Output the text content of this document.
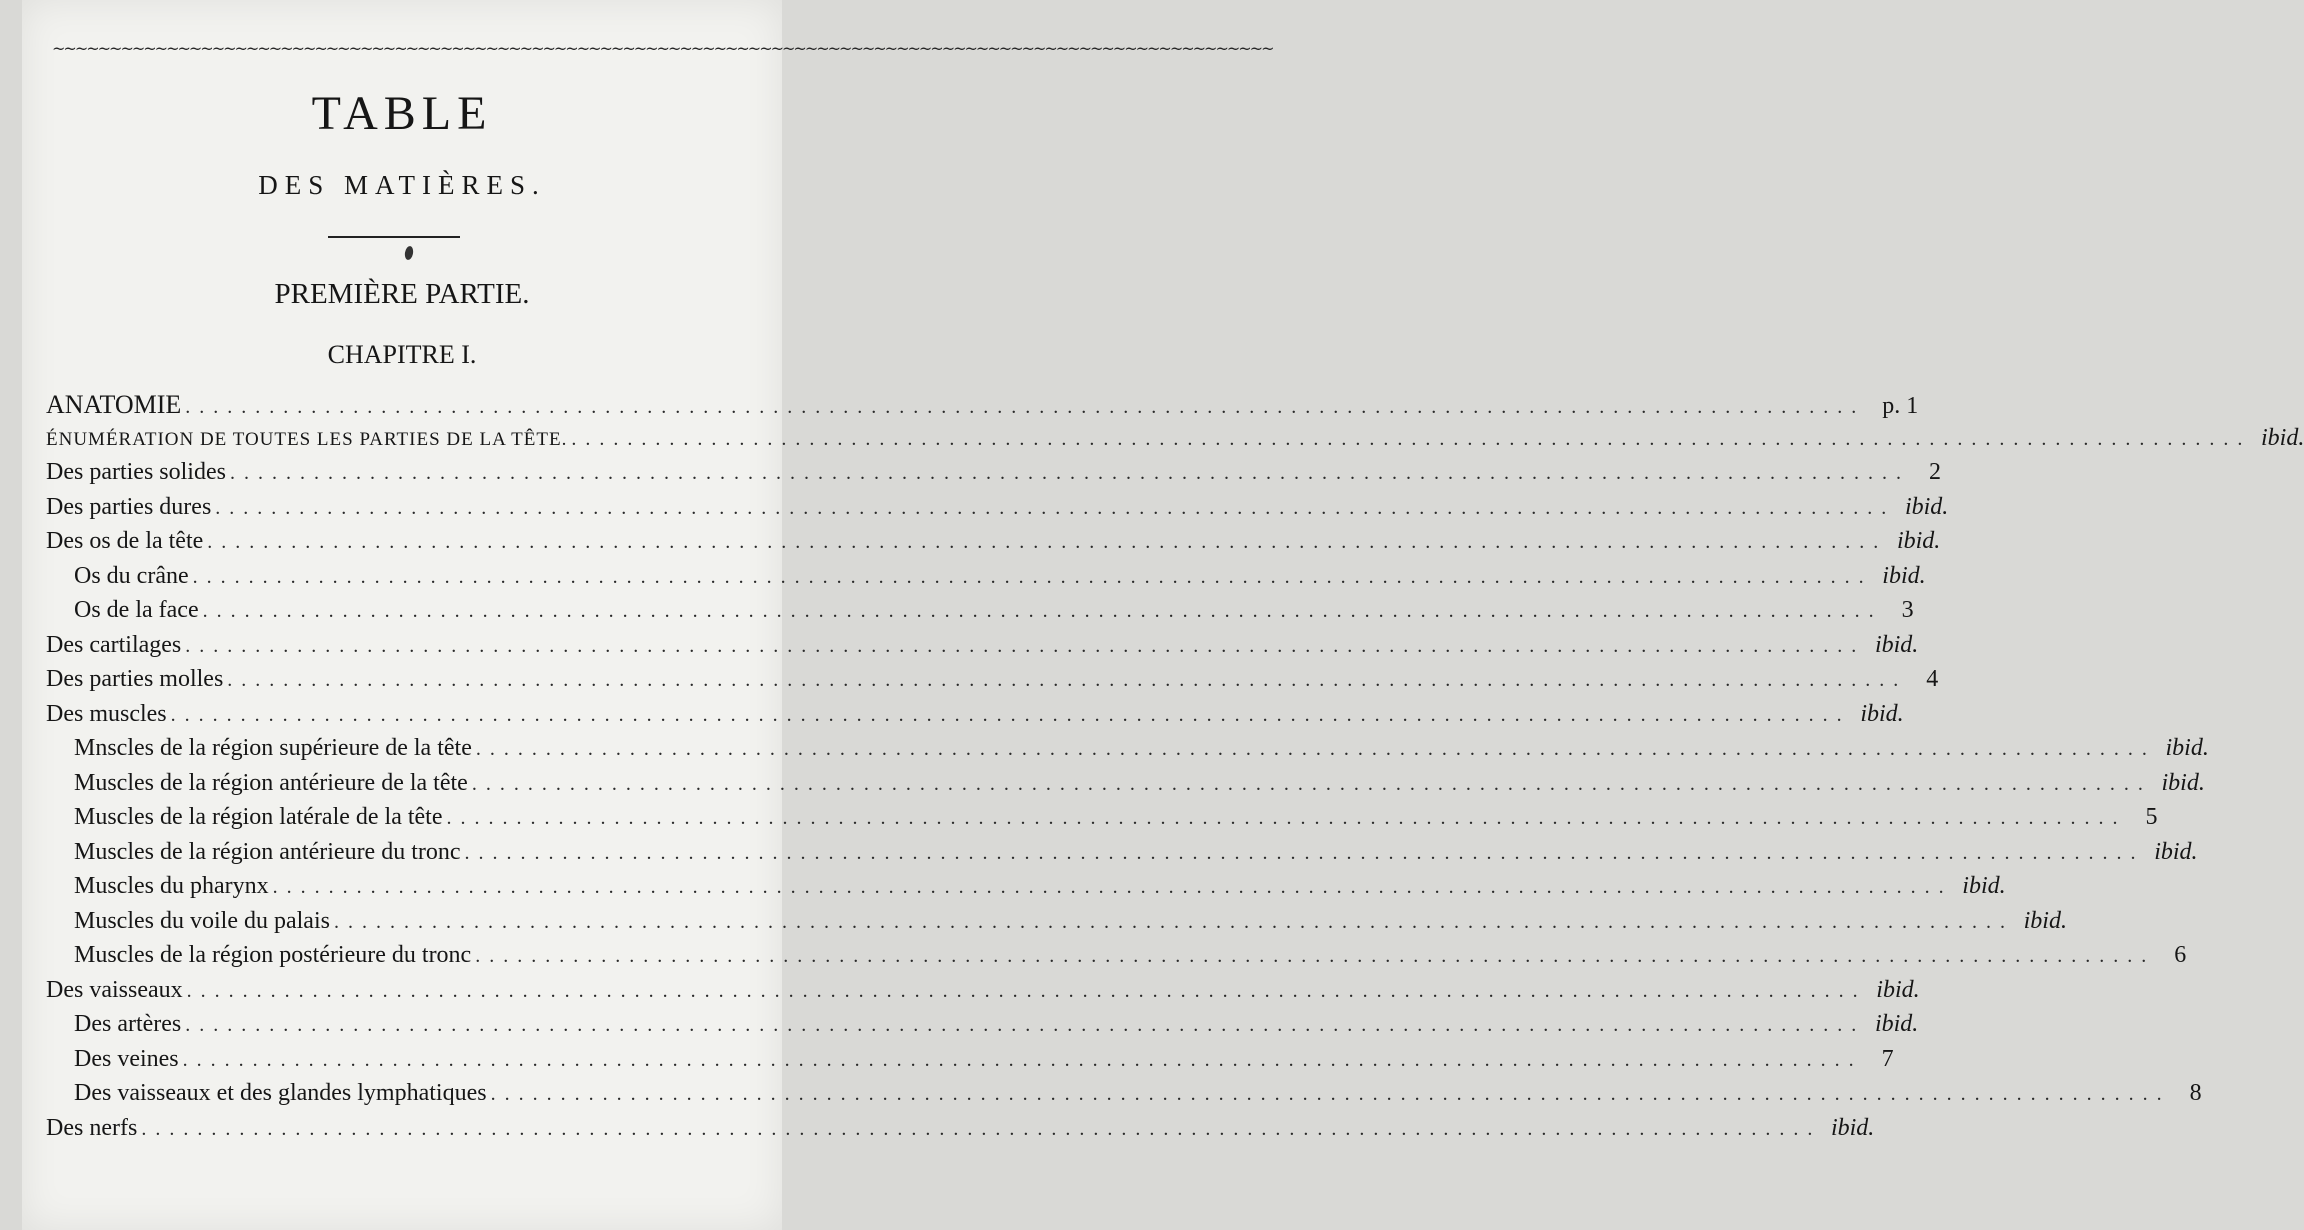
~~~~~~~~~~~~~~~~~~~~~~~~~~~~~~~~~~~~~~~~~~~~~~~~~~~~~~~~~~~~~~~~~~~~~~~~~~~~~~~~~~~~~~~~~~~~~~~~~~~~~~~~~~~
TABLE
DES MATIÈRES.
PREMIÈRE PARTIE.
CHAPITRE I.
ANATOMIE . . . . . . . . . . . . . . . . . . . . . . . . . . . . . . . . . . . . . . . . . . . . . . . . . . . . . . . . . . . . . . . . . . . . . . . . . . . . . . . . . . . . . . . . . . . . . . . . . . . . . . . . . . . . . . . . . . . . . . . .	p. 1
ÉNUMÉRATION DE TOUTES LES PARTIES DE LA TÊTE. . . . . . . . . . . . . . . . . . . . . . . . . . . . . . . . . . . . . . . . . . . . . . . . . . . . . . . . . . . . . . . . . . . . . . . . . . . . . . . . . . . . . . . . . . . . . . . . . . . . . . . . . . . . . . . . . . . . . . . . . ibid.
Des parties solides . . . . . . . . . . . . . . . . . . . . . . . . . . . . . . . . . . . . . . . . . . . . . . . . . . . . . . . . . . . . . . . . . . . . . . . . . . . . . . . . . . . . . . . . . . . . . . . . . . . . . . . . . . . . . . . . . . . . . . . .	2
Des parties dures . . . . . . . . . . . . . . . . . . . . . . . . . . . . . . . . . . . . . . . . . . . . . . . . . . . . . . . . . . . . . . . . . . . . . . . . . . . . . . . . . . . . . . . . . . . . . . . . . . . . . . . . . . . . . . . . . . . . . . . . ibid.
Des os de la tête . . . . . . . . . . . . . . . . . . . . . . . . . . . . . . . . . . . . . . . . . . . . . . . . . . . . . . . . . . . . . . . . . . . . . . . . . . . . . . . . . . . . . . . . . . . . . . . . . . . . . . . . . . . . . . . . . . . . . . . . ibid.
Os du crâne . . . . . . . . . . . . . . . . . . . . . . . . . . . . . . . . . . . . . . . . . . . . . . . . . . . . . . . . . . . . . . . . . . . . . . . . . . . . . . . . . . . . . . . . . . . . . . . . . . . . . . . . . . . . . . . . . . . . . . . . ibid.
Os de la face . . . . . . . . . . . . . . . . . . . . . . . . . . . . . . . . . . . . . . . . . . . . . . . . . . . . . . . . . . . . . . . . . . . . . . . . . . . . . . . . . . . . . . . . . . . . . . . . . . . . . . . . . . . . . . . . . . . . . . . .	3
Des cartilages . . . . . . . . . . . . . . . . . . . . . . . . . . . . . . . . . . . . . . . . . . . . . . . . . . . . . . . . . . . . . . . . . . . . . . . . . . . . . . . . . . . . . . . . . . . . . . . . . . . . . . . . . . . . . . . . . . . . . . . . ibid.
Des parties molles . . . . . . . . . . . . . . . . . . . . . . . . . . . . . . . . . . . . . . . . . . . . . . . . . . . . . . . . . . . . . . . . . . . . . . . . . . . . . . . . . . . . . . . . . . . . . . . . . . . . . . . . . . . . . . . . . . . . . . . .	4
Des muscles . . . . . . . . . . . . . . . . . . . . . . . . . . . . . . . . . . . . . . . . . . . . . . . . . . . . . . . . . . . . . . . . . . . . . . . . . . . . . . . . . . . . . . . . . . . . . . . . . . . . . . . . . . . . . . . . . . . . . . . . ibid.
Mnscles de la région supérieure de la tête . . . . . . . . . . . . . . . . . . . . . . . . . . . . . . . . . . . . . . . . . . . . . . . . . . . . . . . . . . . . . . . . . . . . . . . . . . . . . . . . . . . . . . . . . . . . . . . . . . . . . . . . . . . . . . . . . . . . . . . . ibid.
Muscles de la région antérieure de la tête . . . . . . . . . . . . . . . . . . . . . . . . . . . . . . . . . . . . . . . . . . . . . . . . . . . . . . . . . . . . . . . . . . . . . . . . . . . . . . . . . . . . . . . . . . . . . . . . . . . . . . . . . . . . . . . . . . . . . . . . ibid.
Muscles de la région latérale de la tête . . . . . . . . . . . . . . . . . . . . . . . . . . . . . . . . . . . . . . . . . . . . . . . . . . . . . . . . . . . . . . . . . . . . . . . . . . . . . . . . . . . . . . . . . . . . . . . . . . . . . . . . . . . . . . . . . . . . . . . .	5
Muscles de la région antérieure du tronc . . . . . . . . . . . . . . . . . . . . . . . . . . . . . . . . . . . . . . . . . . . . . . . . . . . . . . . . . . . . . . . . . . . . . . . . . . . . . . . . . . . . . . . . . . . . . . . . . . . . . . . . . . . . . . . . . . . . . . . . ibid.
Muscles du pharynx . . . . . . . . . . . . . . . . . . . . . . . . . . . . . . . . . . . . . . . . . . . . . . . . . . . . . . . . . . . . . . . . . . . . . . . . . . . . . . . . . . . . . . . . . . . . . . . . . . . . . . . . . . . . . . . . . . . . . . . . ibid.
Muscles du voile du palais . . . . . . . . . . . . . . . . . . . . . . . . . . . . . . . . . . . . . . . . . . . . . . . . . . . . . . . . . . . . . . . . . . . . . . . . . . . . . . . . . . . . . . . . . . . . . . . . . . . . . . . . . . . . . . . . . . . . . . . . ibid.
Muscles de la région postérieure du tronc . . . . . . . . . . . . . . . . . . . . . . . . . . . . . . . . . . . . . . . . . . . . . . . . . . . . . . . . . . . . . . . . . . . . . . . . . . . . . . . . . . . . . . . . . . . . . . . . . . . . . . . . . . . . . . . . . . . . . . . .	6
Des vaisseaux . . . . . . . . . . . . . . . . . . . . . . . . . . . . . . . . . . . . . . . . . . . . . . . . . . . . . . . . . . . . . . . . . . . . . . . . . . . . . . . . . . . . . . . . . . . . . . . . . . . . . . . . . . . . . . . . . . . . . . . . ibid.
Des artères . . . . . . . . . . . . . . . . . . . . . . . . . . . . . . . . . . . . . . . . . . . . . . . . . . . . . . . . . . . . . . . . . . . . . . . . . . . . . . . . . . . . . . . . . . . . . . . . . . . . . . . . . . . . . . . . . . . . . . . . ibid.
Des veines . . . . . . . . . . . . . . . . . . . . . . . . . . . . . . . . . . . . . . . . . . . . . . . . . . . . . . . . . . . . . . . . . . . . . . . . . . . . . . . . . . . . . . . . . . . . . . . . . . . . . . . . . . . . . . . . . . . . . . . .	7
Des vaisseaux et des glandes lymphatiques . . . . . . . . . . . . . . . . . . . . . . . . . . . . . . . . . . . . . . . . . . . . . . . . . . . . . . . . . . . . . . . . . . . . . . . . . . . . . . . . . . . . . . . . . . . . . . . . . . . . . . . . . . . . . . . . . . . . . . . .	8
Des nerfs . . . . . . . . . . . . . . . . . . . . . . . . . . . . . . . . . . . . . . . . . . . . . . . . . . . . . . . . . . . . . . . . . . . . . . . . . . . . . . . . . . . . . . . . . . . . . . . . . . . . . . . . . . . . . . . . . . . . . . . . ibid.
